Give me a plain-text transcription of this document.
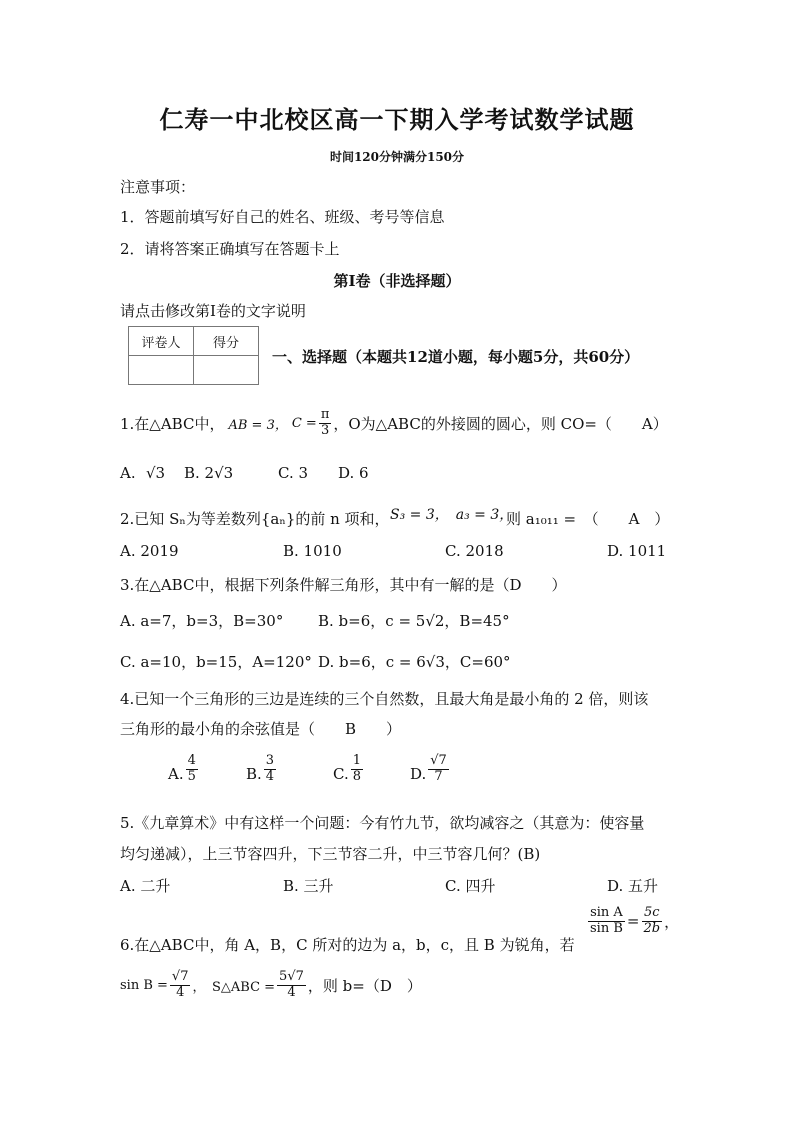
仁寿一中北校区高一下期入学考试数学试题
时间120分钟满分150分
注意事项：
1．答题前填写好自己的姓名、班级、考号等信息
2．请将答案正确填写在答题卡上
第I卷（非选择题）
请点击修改第I卷的文字说明
评卷人	得分

一、选择题（本题共12道小题，每小题5分，共60分）
1.在△ABC中， AB = 3， $C = \frac{\pi}{3}$ ，O为△ABC的外接圆的圆心，则 CO=（　　A）
A. √3 B. 2√3	C. 3 D. 6
2.已知 Sₙ为等差数列{aₙ}的前 n 项和， S₃ = 3，　a₃ = 3，
则 a₁₀₁₁ =　（　　A　）
A. 2019	B. 1010	C. 2018	D. 1011
3.在△ABC中，根据下列条件解三角形，其中有一解的是（D　　）
A. a=7，b=3，B=30° B. b=6，c = 5√2，B=45°
C. a=10，b=15，A=120° D. b=6，c = 6√3，C=60°
4.已知一个三角形的三边是连续的三个自然数，且最大角是最小角的 2 倍，则该
三角形的最小角的余弦值是（　　B　　）
A. $\frac{4}{5}$	B. $\frac{3}{4}$	C. $\frac{1}{8}$	D. $\frac{√7}{7}$
5.《九章算术》中有这样一个问题：今有竹九节，欲均减容之（其意为：使容量
均匀递减），上三节容四升，下三节容二升，中三节容几何？(B)
A. 二升	B. 三升	C. 四升	D. 五升
6.在△ABC中，角 A，B，C 所对的边为 a，b，c，且 B 为锐角，若
$\frac{\text{sin A}}{\text{sin B}} = \frac{5c}{2b}$ ，
$\sin B = \frac{√7}{4}$ ，　S△ABC = $\frac{5√7}{4}$ ，则 b=（D　）
